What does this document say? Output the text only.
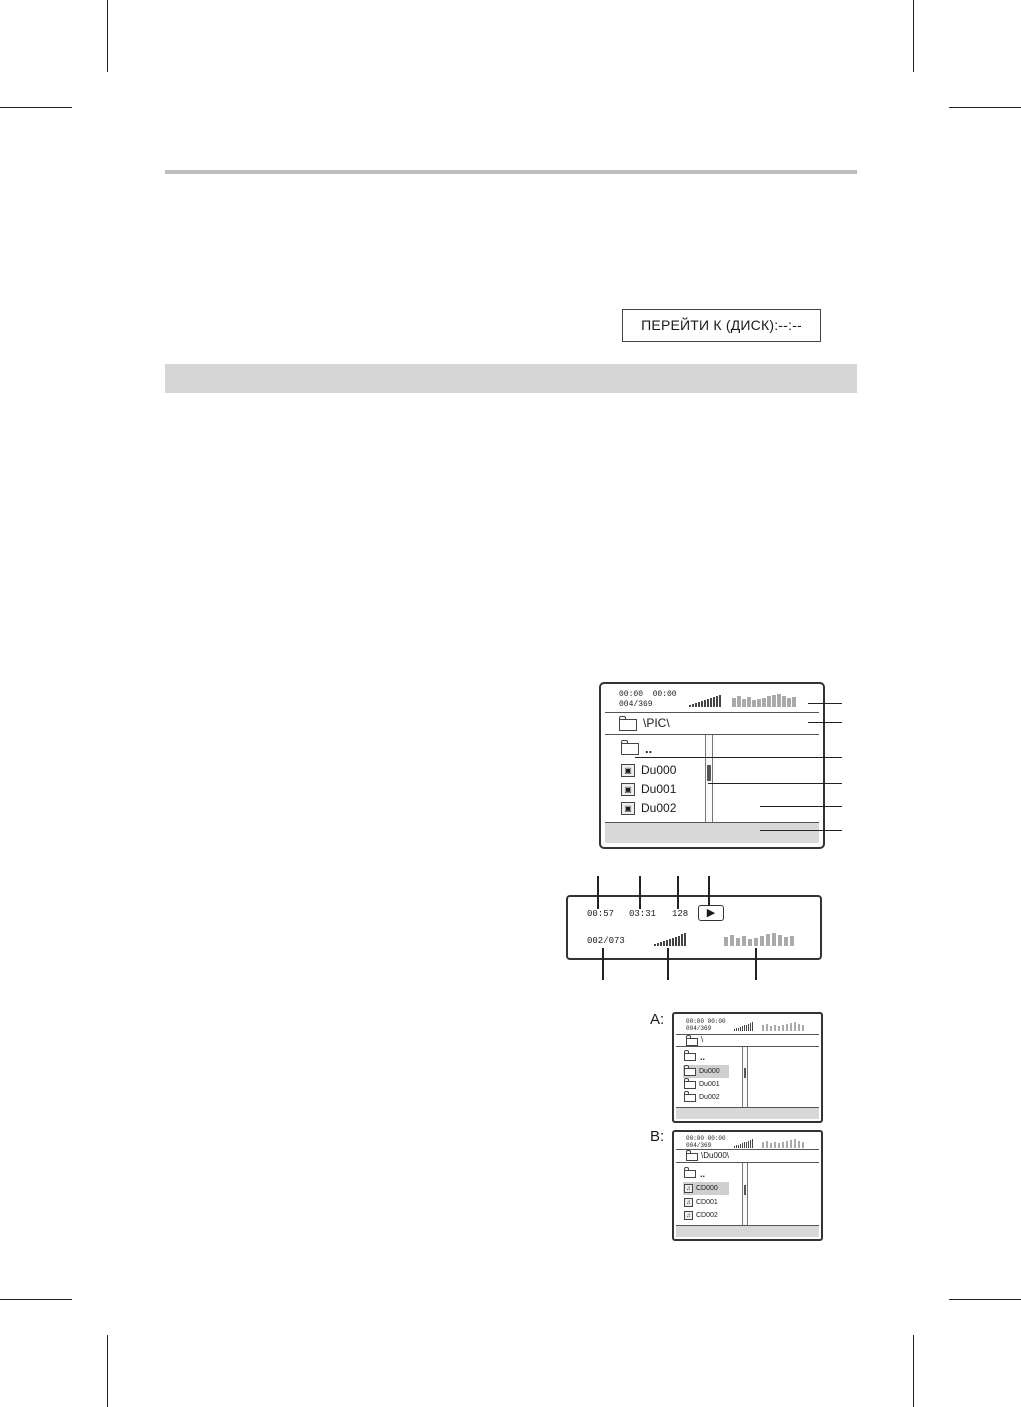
ПЕРЕЙТИ К (ДИСК):--:--
00:00  00:00
004/369
\PIC\
..
▣ Du000
▣ Du001
▣ Du002
00:57 03:31 128	▶
002/073
A:	00:00 00:00
004/369
\
..
Du000
Du001
Du002
B:	00:00 00:00
004/369
\Du000\
..
♫ CD000
♫ CD001
♫ CD002
